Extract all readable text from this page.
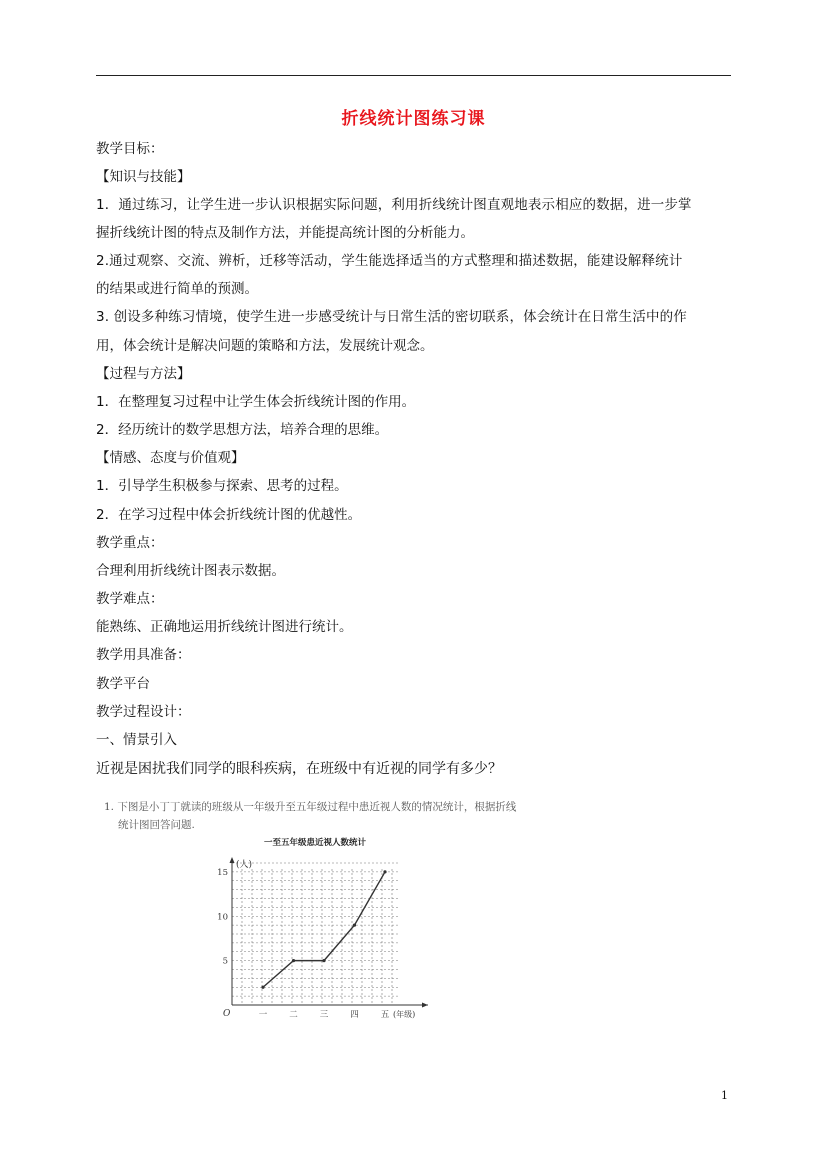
折线统计图练习课
教学目标：
【知识与技能】
1．通过练习，让学生进一步认识根据实际问题，利用折线统计图直观地表示相应的数据，进一步掌
握折线统计图的特点及制作方法，并能提高统计图的分析能力。
2.通过观察、交流、辨析，迁移等活动，学生能选择适当的方式整理和描述数据，能建设解释统计
的结果或进行简单的预测。
3. 创设多种练习情境，使学生进一步感受统计与日常生活的密切联系，体会统计在日常生活中的作
用，体会统计是解决问题的策略和方法，发展统计观念。
【过程与方法】
1．在整理复习过程中让学生体会折线统计图的作用。
2．经历统计的数学思想方法，培养合理的思维。
【情感、态度与价值观】
1．引导学生积极参与探索、思考的过程。
2．在学习过程中体会折线统计图的优越性。
教学重点：
合理利用折线统计图表示数据。
教学难点：
能熟练、正确地运用折线统计图进行统计。
教学用具准备：
教学平台
教学过程设计：
一、情景引入
近视是困扰我们同学的眼科疾病，在班级中有近视的同学有多少？
1. 下图是小丁丁就读的班级从一年级升至五年级过程中患近视人数的情况统计，根据折线
统计图回答问题.
一至五年级患近视人数统计
(人)
O
5
10
15
一	二	三	四	五 (年级)
1
